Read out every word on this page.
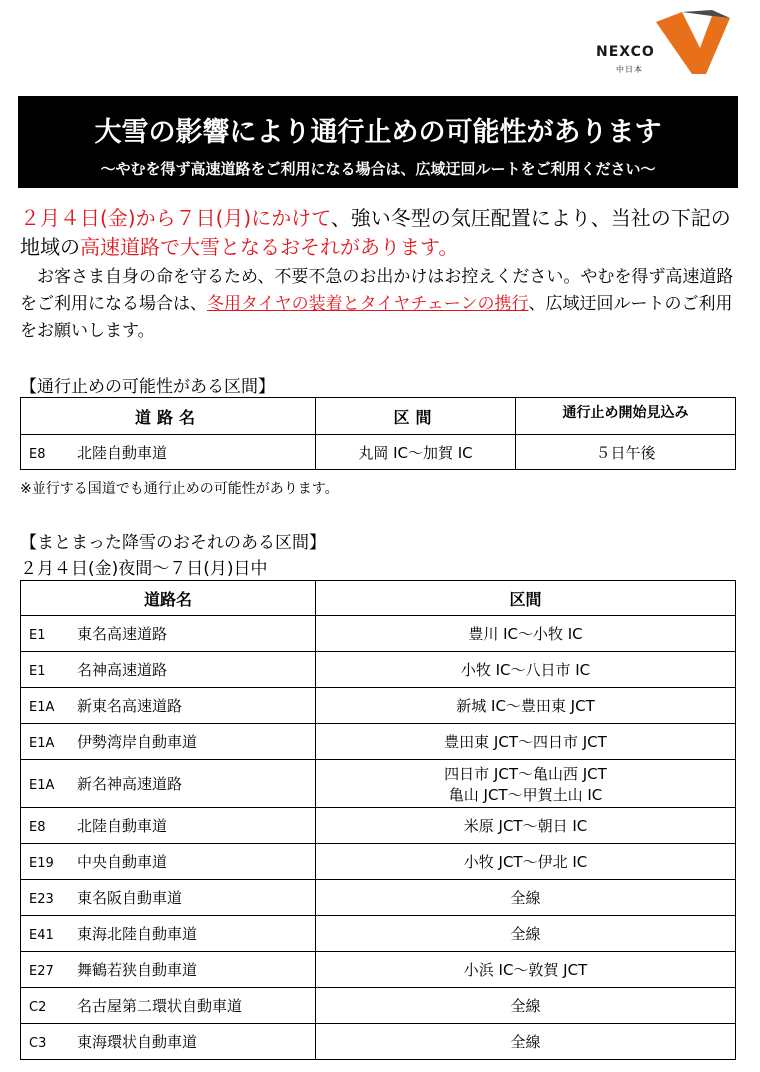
NEXCO
中日本
大雪の影響により通行止めの可能性があります
～やむを得ず高速道路をご利用になる場合は、広域迂回ルートをご利用ください～
２月４日(金)から７日(月)にかけて、強い冬型の気圧配置により、当社の下記の地域の高速道路で大雪となるおそれがあります。
お客さま自身の命を守るため、不要不急のお出かけはお控えください。やむを得ず高速道路をご利用になる場合は、冬用タイヤの装着とタイヤチェーンの携行、広域迂回ルートのご利用をお願いします。
【通行止めの可能性がある区間】
道路名	区間	通行止め開始見込み
E8 北陸自動車道	丸岡 IC～加賀 IC	５日午後
※並行する国道でも通行止めの可能性があります。
【まとまった降雪のおそれのある区間】
２月４日(金)夜間～７日(月)日中
道路名	区間
E1 東名高速道路	豊川 IC～小牧 IC
E1 名神高速道路	小牧 IC～八日市 IC
E1A 新東名高速道路	新城 IC～豊田東 JCT
E1A 伊勢湾岸自動車道	豊田東 JCT～四日市 JCT
E1A 新名神高速道路	四日市 JCT～亀山西 JCT
亀山 JCT～甲賀土山 IC

E8 北陸自動車道	米原 JCT～朝日 IC
E19 中央自動車道	小牧 JCT～伊北 IC
E23 東名阪自動車道	全線
E41 東海北陸自動車道	全線
E27 舞鶴若狭自動車道	小浜 IC～敦賀 JCT
C2 名古屋第二環状自動車道	全線
C3 東海環状自動車道	全線
